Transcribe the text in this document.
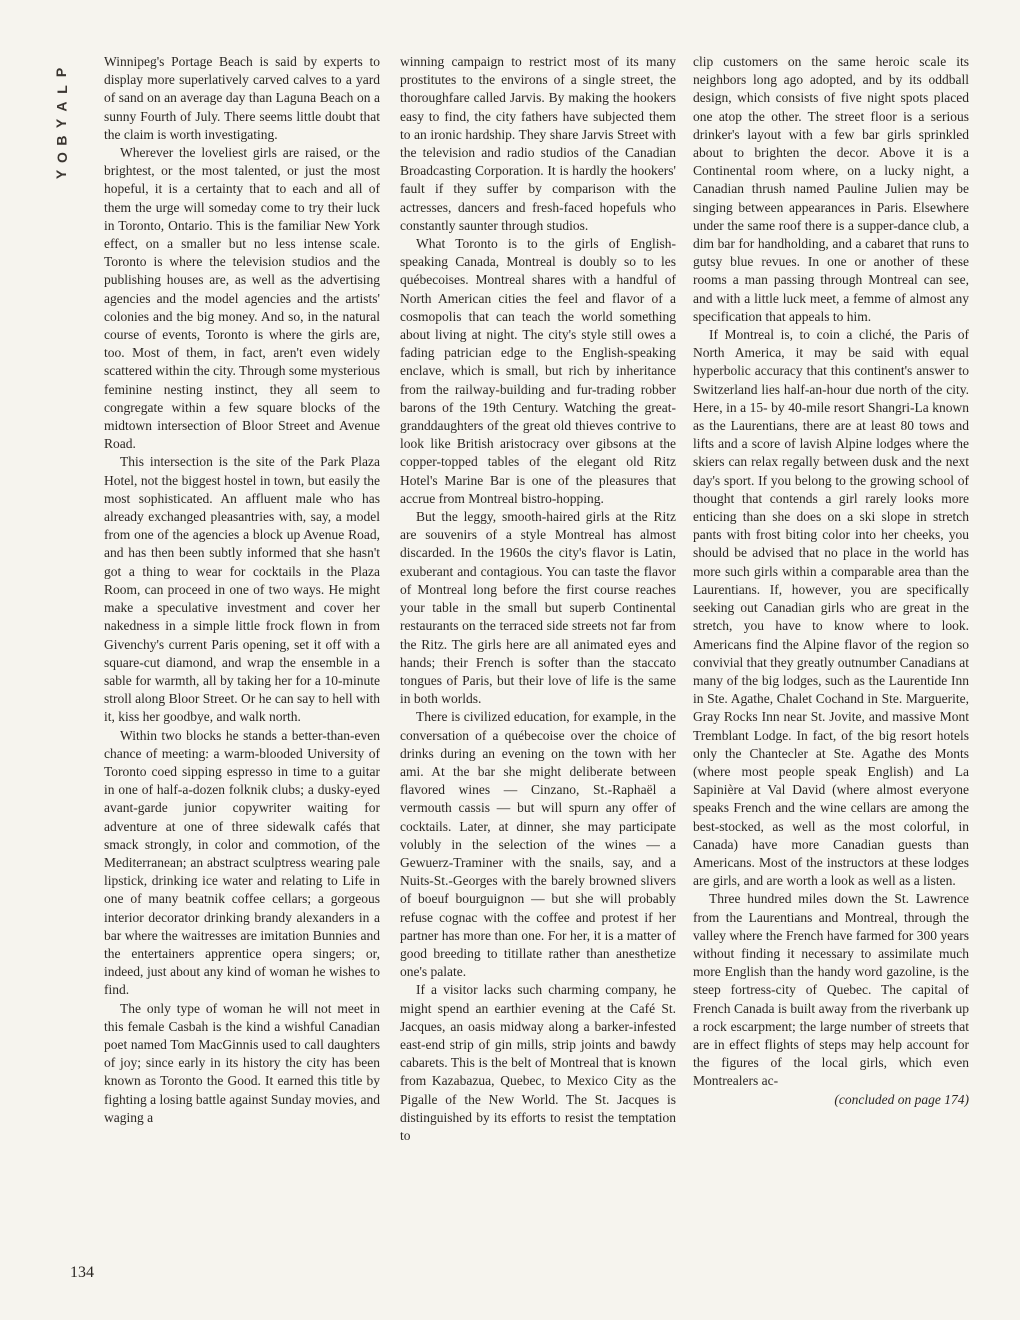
P
L
A
Y
B
O
Y
134

Winnipeg's Portage Beach is said by experts to display more superlatively carved calves to a yard of sand on an average day than Laguna Beach on a sunny Fourth of July. There seems little doubt that the claim is worth investigating.

Wherever the loveliest girls are raised, or the brightest, or the most talented, or just the most hopeful, it is a certainty that to each and all of them the urge will someday come to try their luck in Toronto, Ontario. This is the familiar New York effect, on a smaller but no less intense scale. Toronto is where the television studios and the publishing houses are, as well as the advertising agencies and the model agencies and the artists' colonies and the big money. And so, in the natural course of events, Toronto is where the girls are, too. Most of them, in fact, aren't even widely scattered within the city. Through some mysterious feminine nesting instinct, they all seem to congregate within a few square blocks of the midtown intersection of Bloor Street and Avenue Road.

This intersection is the site of the Park Plaza Hotel, not the biggest hostel in town, but easily the most sophisticated. An affluent male who has already exchanged pleasantries with, say, a model from one of the agencies a block up Avenue Road, and has then been subtly informed that she hasn't got a thing to wear for cocktails in the Plaza Room, can proceed in one of two ways. He might make a speculative investment and cover her nakedness in a simple little frock flown in from Givenchy's current Paris opening, set it off with a square-cut diamond, and wrap the ensemble in a sable for warmth, all by taking her for a 10-minute stroll along Bloor Street. Or he can say to hell with it, kiss her goodbye, and walk north.

Within two blocks he stands a better-than-even chance of meeting: a warm-blooded University of Toronto coed sipping espresso in time to a guitar in one of half-a-dozen folknik clubs; a dusky-eyed avant-garde junior copywriter waiting for adventure at one of three sidewalk cafés that smack strongly, in color and commotion, of the Mediterranean; an abstract sculptress wearing pale lipstick, drinking ice water and relating to Life in one of many beatnik coffee cellars; a gorgeous interior decorator drinking brandy alexanders in a bar where the waitresses are imitation Bunnies and the entertainers apprentice opera singers; or, indeed, just about any kind of woman he wishes to find.

The only type of woman he will not meet in this female Casbah is the kind a wishful Canadian poet named Tom MacGinnis used to call daughters of joy; since early in its history the city has been known as Toronto the Good. It earned this title by fighting a losing battle against Sunday movies, and waging a

winning campaign to restrict most of its many prostitutes to the environs of a single street, the thoroughfare called Jarvis. By making the hookers easy to find, the city fathers have subjected them to an ironic hardship. They share Jarvis Street with the television and radio studios of the Canadian Broadcasting Corporation. It is hardly the hookers' fault if they suffer by comparison with the actresses, dancers and fresh-faced hopefuls who constantly saunter through studios.

What Toronto is to the girls of English-speaking Canada, Montreal is doubly so to les québecoises. Montreal shares with a handful of North American cities the feel and flavor of a cosmopolis that can teach the world something about living at night. The city's style still owes a fading patrician edge to the English-speaking enclave, which is small, but rich by inheritance from the railway-building and fur-trading robber barons of the 19th Century. Watching the great-granddaughters of the great old thieves contrive to look like British aristocracy over gibsons at the copper-topped tables of the elegant old Ritz Hotel's Marine Bar is one of the pleasures that accrue from Montreal bistro-hopping.

But the leggy, smooth-haired girls at the Ritz are souvenirs of a style Montreal has almost discarded. In the 1960s the city's flavor is Latin, exuberant and contagious. You can taste the flavor of Montreal long before the first course reaches your table in the small but superb Continental restaurants on the terraced side streets not far from the Ritz. The girls here are all animated eyes and hands; their French is softer than the staccato tongues of Paris, but their love of life is the same in both worlds.

There is civilized education, for example, in the conversation of a québecoise over the choice of drinks during an evening on the town with her ami. At the bar she might deliberate between flavored wines — Cinzano, St.-Raphaël a vermouth cassis — but will spurn any offer of cocktails. Later, at dinner, she may participate volubly in the selection of the wines — a Gewuerz-Traminer with the snails, say, and a Nuits-St.-Georges with the barely browned slivers of boeuf bourguignon — but she will probably refuse cognac with the coffee and protest if her partner has more than one. For her, it is a matter of good breeding to titillate rather than anesthetize one's palate.

If a visitor lacks such charming company, he might spend an earthier evening at the Café St. Jacques, an oasis midway along a barker-infested east-end strip of gin mills, strip joints and bawdy cabarets. This is the belt of Montreal that is known from Kazabazua, Quebec, to Mexico City as the Pigalle of the New World. The St. Jacques is distinguished by its efforts to resist the temptation to

clip customers on the same heroic scale its neighbors long ago adopted, and by its oddball design, which consists of five night spots placed one atop the other. The street floor is a serious drinker's layout with a few bar girls sprinkled about to brighten the decor. Above it is a Continental room where, on a lucky night, a Canadian thrush named Pauline Julien may be singing between appearances in Paris. Elsewhere under the same roof there is a supper-dance club, a dim bar for handholding, and a cabaret that runs to gutsy blue revues. In one or another of these rooms a man passing through Montreal can see, and with a little luck meet, a femme of almost any specification that appeals to him.

If Montreal is, to coin a cliché, the Paris of North America, it may be said with equal hyperbolic accuracy that this continent's answer to Switzerland lies half-an-hour due north of the city. Here, in a 15- by 40-mile resort Shangri-La known as the Laurentians, there are at least 80 tows and lifts and a score of lavish Alpine lodges where the skiers can relax regally between dusk and the next day's sport. If you belong to the growing school of thought that contends a girl rarely looks more enticing than she does on a ski slope in stretch pants with frost biting color into her cheeks, you should be advised that no place in the world has more such girls within a comparable area than the Laurentians. If, however, you are specifically seeking out Canadian girls who are great in the stretch, you have to know where to look. Americans find the Alpine flavor of the region so convivial that they greatly outnumber Canadians at many of the big lodges, such as the Laurentide Inn in Ste. Agathe, Chalet Cochand in Ste. Marguerite, Gray Rocks Inn near St. Jovite, and massive Mont Tremblant Lodge. In fact, of the big resort hotels only the Chantecler at Ste. Agathe des Monts (where most people speak English) and La Sapinière at Val David (where almost everyone speaks French and the wine cellars are among the best-stocked, as well as the most colorful, in Canada) have more Canadian guests than Americans. Most of the instructors at these lodges are girls, and are worth a look as well as a listen.

Three hundred miles down the St. Lawrence from the Laurentians and Montreal, through the valley where the French have farmed for 300 years without finding it necessary to assimilate much more English than the handy word gazoline, is the steep fortress-city of Quebec. The capital of French Canada is built away from the riverbank up a rock escarpment; the large number of streets that are in effect flights of steps may help account for the figures of the local girls, which even Montrealers ac-

(concluded on page 174)
